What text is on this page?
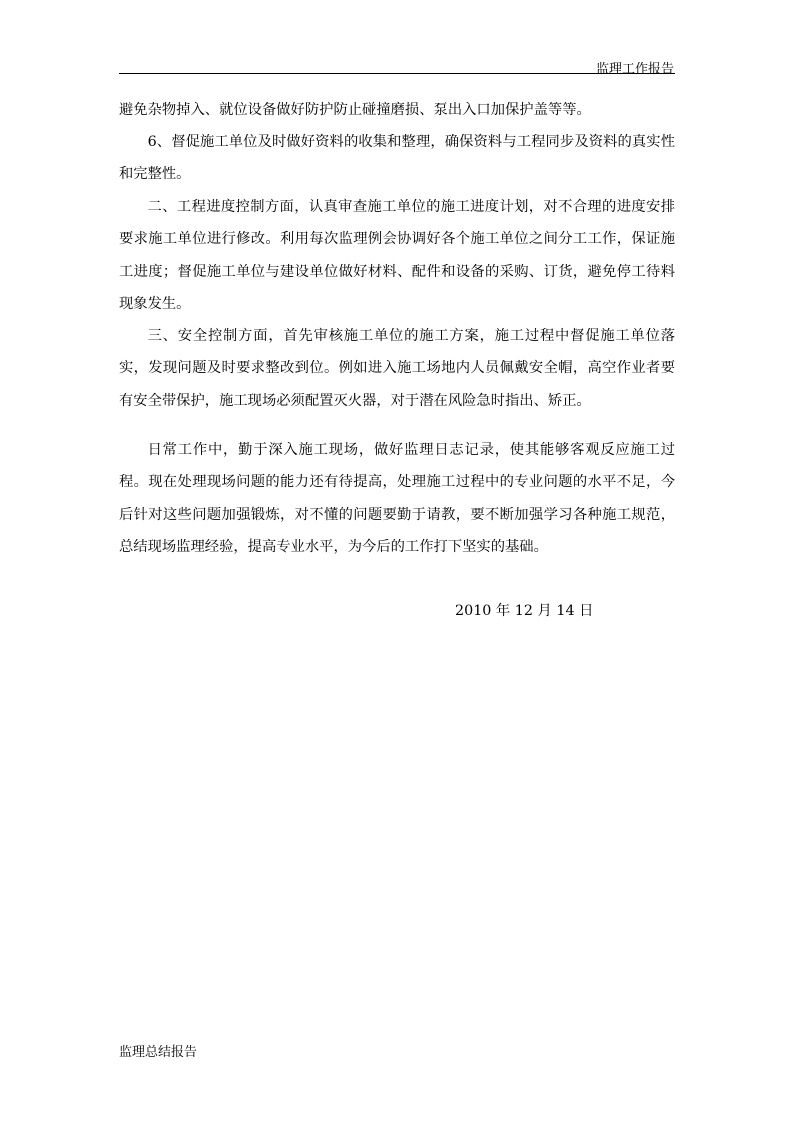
监理工作报告

避免杂物掉入、就位设备做好防护防止碰撞磨损、泵出入口加保护盖等等。

6、督促施工单位及时做好资料的收集和整理，确保资料与工程同步及资料的真实性和完整性。

二、工程进度控制方面，认真审查施工单位的施工进度计划，对不合理的进度安排要求施工单位进行修改。利用每次监理例会协调好各个施工单位之间分工工作，保证施工进度；督促施工单位与建设单位做好材料、配件和设备的采购、订货，避免停工待料现象发生。

三、安全控制方面，首先审核施工单位的施工方案，施工过程中督促施工单位落实，发现问题及时要求整改到位。例如进入施工场地内人员佩戴安全帽，高空作业者要有安全带保护，施工现场必须配置灭火器，对于潜在风险急时指出、矫正。

日常工作中，勤于深入施工现场，做好监理日志记录，使其能够客观反应施工过程。现在处理现场问题的能力还有待提高，处理施工过程中的专业问题的水平不足，今后针对这些问题加强锻炼，对不懂的问题要勤于请教，要不断加强学习各种施工规范，总结现场监理经验，提高专业水平，为今后的工作打下坚实的基础。

2010 年 12 月 14 日
监理总结报告
